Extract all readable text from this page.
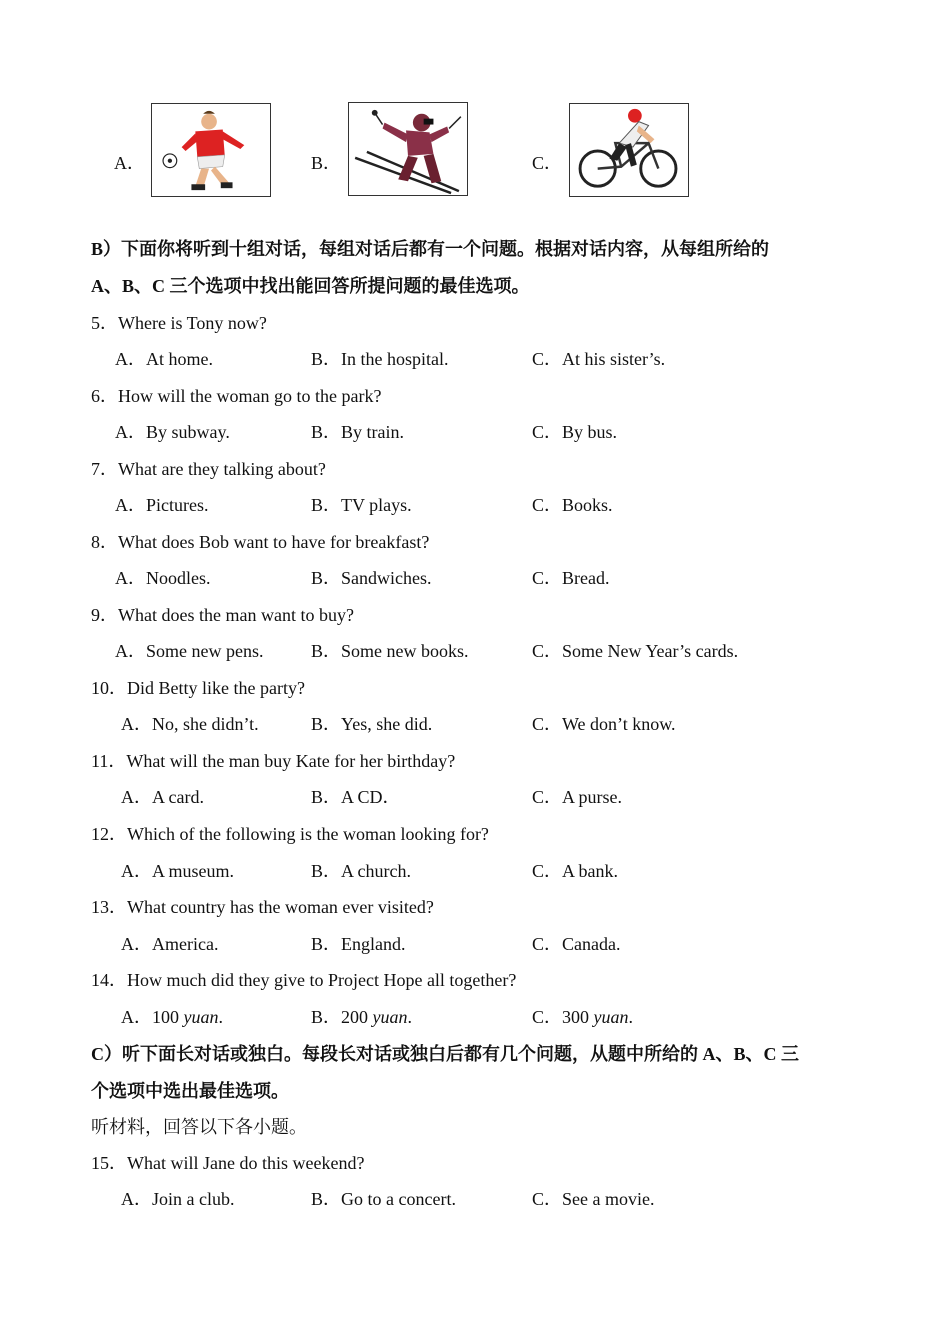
A．	B．	C．
B）下面你将听到十组对话，每组对话后都有一个问题。根据对话内容，从每组所给的
A、B、C 三个选项中找出能回答所提问题的最佳选项。
5．Where is Tony now?
A．At home.	B．In the hospital.	C．At his sister’s.
6．How will the woman go to the park?
A．By subway.	B．By train.	C．By bus.
7．What are they talking about?
A．Pictures.	B．TV plays.	C．Books.
8．What does Bob want to have for breakfast?
A．Noodles.	B．Sandwiches.	C．Bread.
9．What does the man want to buy?
A．Some new pens.	B．Some new books.	C．Some New Year’s cards.
10．Did Betty like the party?
A．No, she didn’t.	B．Yes, she did.	C．We don’t know.
11．What will the man buy Kate for her birthday?
A．A card.	B．A CD．	C．A purse.
12．Which of the following is the woman looking for?
A．A museum.	B．A church.	C．A bank.
13．What country has the woman ever visited?
A．America.	B．England.	C．Canada.
14．How much did they give to Project Hope all together?
A．100 yuan.	B．200 yuan.	C．300 yuan.
C）听下面长对话或独白。每段长对话或独白后都有几个问题，从题中所给的 A、B、C 三
个选项中选出最佳选项。
听材料，回答以下各小题。
15．What will Jane do this weekend?
A．Join a club.	B．Go to a concert.	C．See a movie.
